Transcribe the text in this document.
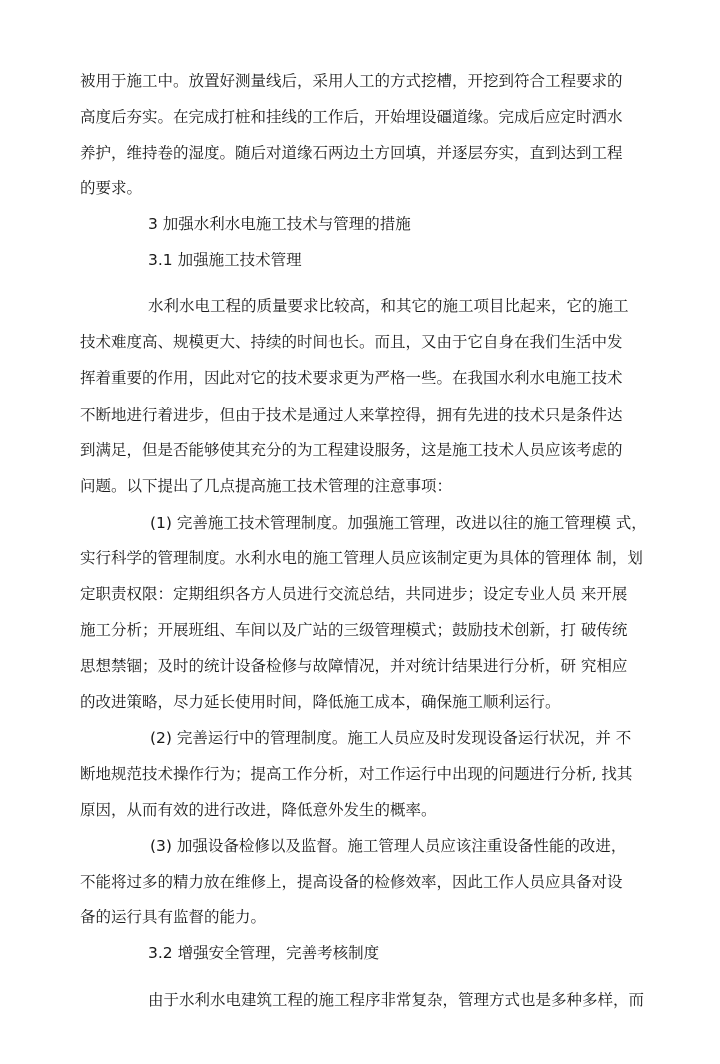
被用于施工中。放置好测量线后，采用人工的方式挖槽，开挖到符合工程要求的
高度后夯实。在完成打桩和挂线的工作后，开始埋设礓道缘。完成后应定时洒水
养护，维持卷的湿度。随后对道缘石两边土方回填，并逐层夯实，直到达到工程
的要求。
3 加强水利水电施工技术与管理的措施
3.1 加强施工技术管理
水利水电工程的质量要求比较高，和其它的施工项目比起来，它的施工
技术难度高、规模更大、持续的时间也长。而且，又由于它自身在我们生活中发
挥着重要的作用，因此对它的技术要求更为严格一些。在我国水利水电施工技术
不断地进行着进步，但由于技术是通过人来掌控得，拥有先进的技术只是条件达
到满足，但是否能够使其充分的为工程建设服务，这是施工技术人员应该考虑的
问题。以下提出了几点提高施工技术管理的注意事项：
(1) 完善施工技术管理制度。加强施工管理，改进以往的施工管理模 式，
实行科学的管理制度。水利水电的施工管理人员应该制定更为具体的管理体 制，划
定职责权限：定期组织各方人员进行交流总结，共同进步；设定专业人员 来开展
施工分析；开展班组、车间以及广站的三级管理模式；鼓励技术创新，打 破传统
思想禁锢；及时的统计设备检修与故障情况，并对统计结果进行分析，研 究相应
的改进策略，尽力延长使用时间，降低施工成本，确保施工顺利运行。
(2) 完善运行中的管理制度。施工人员应及时发现设备运行状况，并 不
断地规范技术操作行为；提高工作分析，对工作运行中出现的问题进行分析, 找其
原因，从而有效的进行改进，降低意外发生的概率。
(3) 加强设备检修以及监督。施工管理人员应该注重设备性能的改进，
不能将过多的精力放在维修上，提高设备的检修效率，因此工作人员应具备对设
备的运行具有监督的能力。
3.2 增强安全管理，完善考核制度
由于水利水电建筑工程的施工程序非常复杂，管理方式也是多种多样，而
